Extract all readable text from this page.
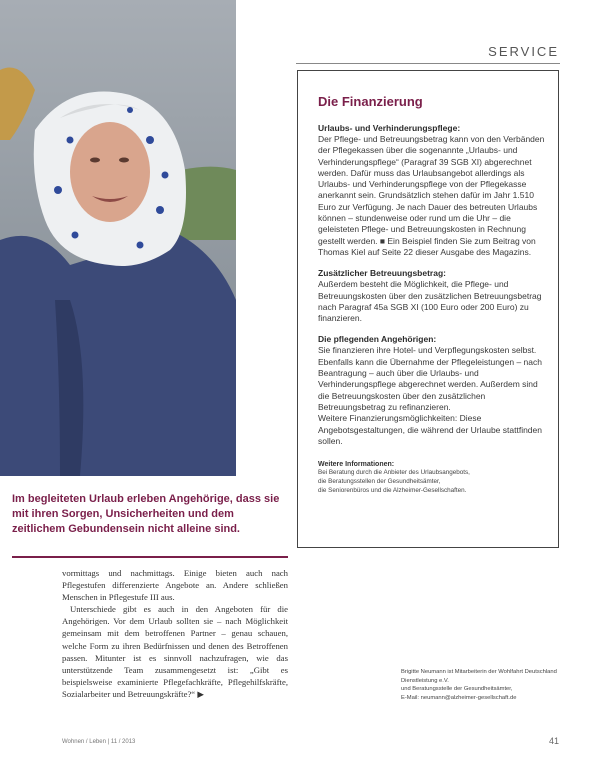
SERVICE
Die Finanzierung
Urlaubs- und Verhinderungspflege:

Der Pflege- und Betreuungsbetrag kann von den Verbänden der Pflegekassen über die sogenannte „Urlaubs- und Verhinderungspflege“ (Paragraf 39 SGB XI) abgerechnet werden. Dafür muss das Urlaubsangebot allerdings als Urlaubs- und Verhinderungspflege von der Pflegekasse anerkannt sein. Grundsätzlich stehen dafür im Jahr 1.510 Euro zur Verfügung. Je nach Dauer des betreuten Urlaubs können – stundenweise oder rund um die Uhr – die geleisteten Pflege- und Betreuungskosten in Rechnung gestellt werden. ■ Ein Beispiel finden Sie zum Beitrag von Thomas Kiel auf Seite 22 dieser Ausgabe des Magazins.

Zusätzlicher Betreuungsbetrag:

Außerdem besteht die Möglichkeit, die Pflege- und Betreuungskosten über den zusätzlichen Betreuungsbetrag nach Paragraf 45a SGB XI (100 Euro oder 200 Euro) zu finanzieren.

Die pflegenden Angehörigen:

Sie finanzieren ihre Hotel- und Verpflegungskosten selbst.
Ebenfalls kann die Übernahme der Pflegeleistungen – nach Beantragung – auch über die Urlaubs- und Verhinderungspflege abgerechnet werden. Außerdem sind die Betreuungskosten über den zusätzlichen Betreuungsbetrag zu refinanzieren.
Weitere Finanzierungsmöglichkeiten: Diese Angebotsgestaltungen, die während der Urlaube stattfinden sollen.

Weitere Informationen:
Bei Beratung durch die Anbieter des Urlaubsangebots,
die Beratungsstellen der Gesundheitsämter,
die Seniorenbüros und die Alzheimer-Gesellschaften.
Im begleiteten Urlaub erleben Angehörige, dass sie mit ihren Sorgen, Unsicherheiten und dem zeitlichem Gebundensein nicht alleine sind.

vormittags und nachmittags. Einige bieten auch nach Pflegestufen differenzierte Angebote an. Andere schließen Menschen in Pflegestufe III aus.

Unterschiede gibt es auch in den Angeboten für die Angehörigen. Vor dem Urlaub sollten sie – nach Möglichkeit gemeinsam mit dem betroffenen Partner – genau schauen, welche Form zu ihren Bedürfnissen und denen des Betroffenen passen. Mitunter ist es sinnvoll nachzufragen, wie das unterstützende Team zusammengesetzt ist: „Gibt es beispielsweise examinierte Pflegefachkräfte, Pflegehilfskräfte, Sozialarbeiter und Betreuungskräfte?“ ▶

Brigitte Neumann ist Mitarbeiterin der Wohlfahrt Deutschland Dienstleistung e.V.
und Beratungsstelle der Gesundheitsämter,
E-Mail: neumann@alzheimer-gesellschaft.de
Wohnen / Leben | 11 / 2013	41
